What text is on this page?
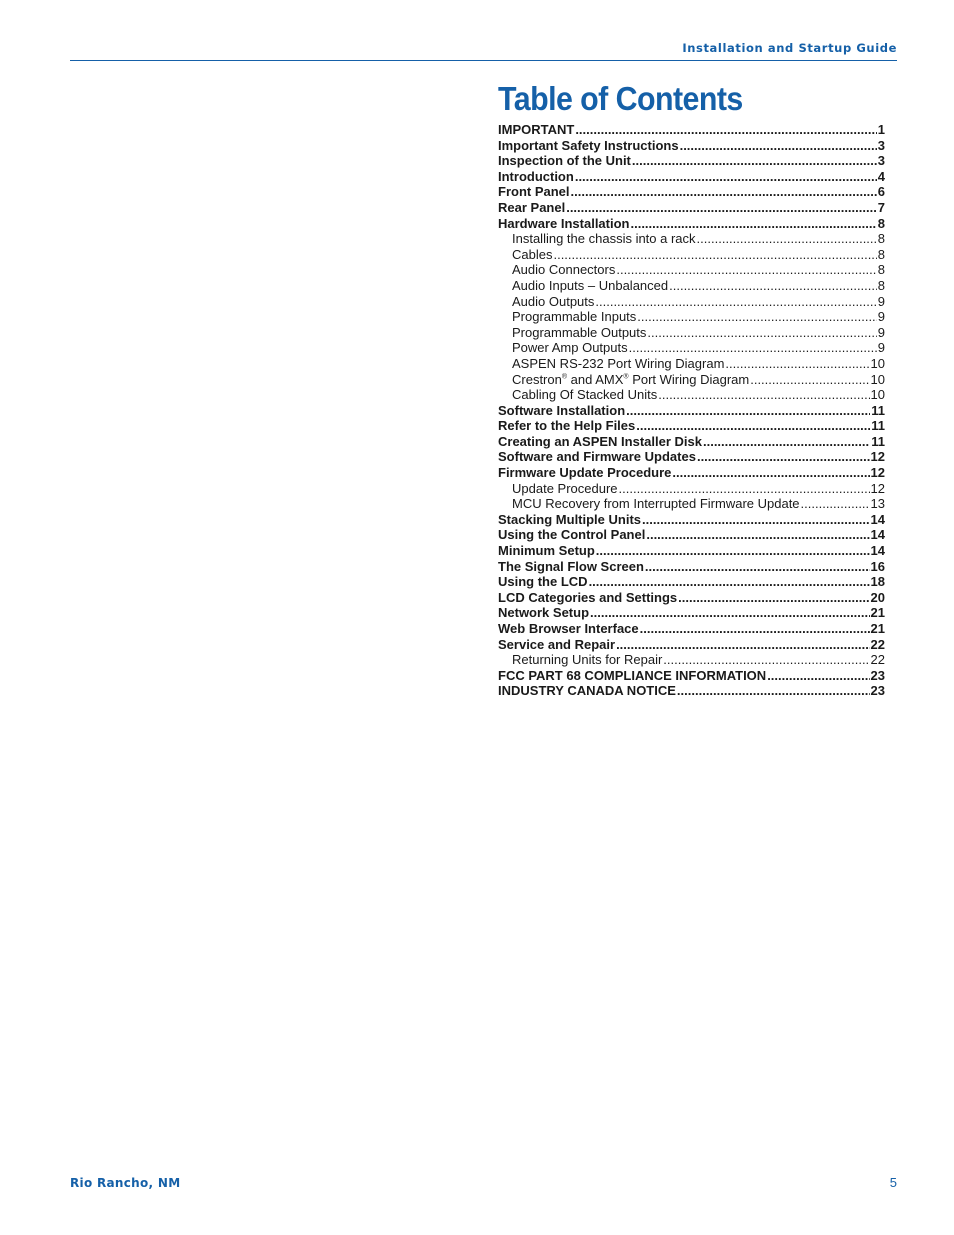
Installation and Startup Guide
Table of Contents
IMPORTANT .....	1
Important Safety Instructions .....	3
Inspection of the Unit .....	3
Introduction .....	4
Front Panel .....	6
Rear Panel .....	7
Hardware Installation .....	8
Installing the chassis into a rack .....	8
Cables .....	8
Audio Connectors .....	8
Audio Inputs – Unbalanced .....	8
Audio Outputs .....	9
Programmable Inputs .....	9
Programmable Outputs .....	9
Power Amp Outputs .....	9
ASPEN RS-232 Port Wiring Diagram .....	10
Crestron® and AMX® Port Wiring Diagram .....	10
Cabling Of Stacked Units .....	10
Software Installation .....	11
Refer to the Help Files .....	11
Creating an ASPEN Installer Disk .....	11
Software and Firmware Updates .....	12
Firmware Update Procedure .....	12
Update Procedure .....	12
MCU Recovery from Interrupted Firmware Update .....	13
Stacking Multiple Units .....	14
Using the Control Panel .....	14
Minimum Setup .....	14
The Signal Flow Screen .....	16
Using the LCD .....	18
LCD Categories and Settings .....	20
Network Setup .....	21
Web Browser Interface .....	21
Service and Repair .....	22
Returning Units for Repair .....	22
FCC PART 68 COMPLIANCE INFORMATION .....	23
INDUSTRY CANADA NOTICE .....	23
Rio Rancho, NM	5
